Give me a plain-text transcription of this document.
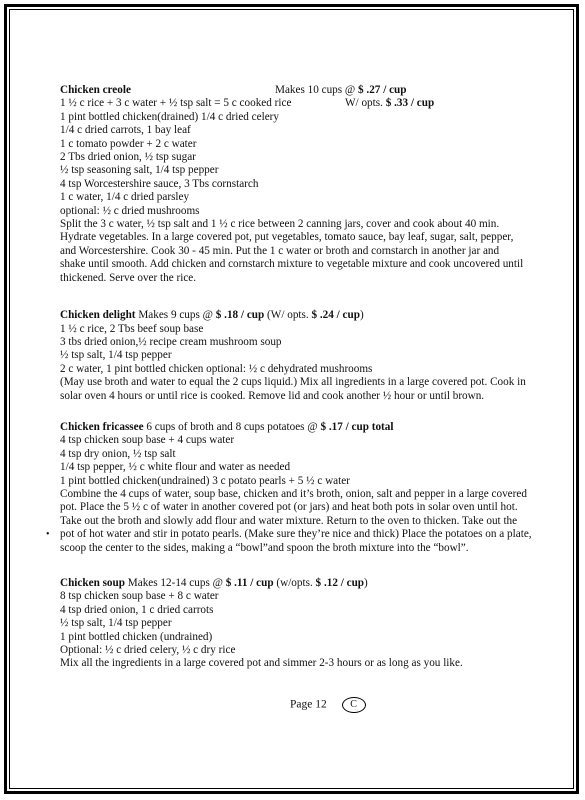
Chicken creole	Makes 10 cups @ $ .27 / cup
1 ½ c rice + 3 c water + ½ tsp salt = 5 c cooked rice	W/ opts. $ .33 / cup
1 pint bottled chicken(drained) 1/4 c dried celery
1/4 c dried carrots, 1 bay leaf
1 c tomato powder + 2 c water
2 Tbs dried onion, ½ tsp sugar
½ tsp seasoning salt, 1/4 tsp pepper
4 tsp Worcestershire sauce, 3 Tbs cornstarch
1 c water, 1/4 c dried parsley
optional: ½ c dried mushrooms
Split the 3 c water, ½ tsp salt and 1 ½ c rice between 2 canning jars, cover and cook about 40 min.
Hydrate vegetables. In a large covered pot, put vegetables, tomato sauce, bay leaf, sugar, salt, pepper,
and Worcestershire. Cook 30 - 45 min. Put the 1 c water or broth and cornstarch in another jar and
shake until smooth. Add chicken and cornstarch mixture to vegetable mixture and cook uncovered until
thickened. Serve over the rice.
Chicken delight Makes 9 cups @ $ .18 / cup (W/ opts. $ .24 / cup)
1 ½ c rice, 2 Tbs beef soup base
3 tbs dried onion,½ recipe cream mushroom soup
½ tsp salt, 1/4 tsp pepper
2 c water, 1 pint bottled chicken optional: ½ c dehydrated mushrooms
(May use broth and water to equal the 2 cups liquid.) Mix all ingredients in a large covered pot. Cook in
solar oven 4 hours or until rice is cooked. Remove lid and cook another ½ hour or until brown.
Chicken fricassee 6 cups of broth and 8 cups potatoes @ $ .17 / cup total
4 tsp chicken soup base + 4 cups water
4 tsp dry onion, ½ tsp salt
1/4 tsp pepper, ½ c white flour and water as needed
1 pint bottled chicken(undrained) 3 c potato pearls + 5 ½ c water
Combine the 4 cups of water, soup base, chicken and it’s broth, onion, salt and pepper in a large covered
pot. Place the 5 ½ c of water in another covered pot (or jars) and heat both pots in solar oven until hot.
Take out the broth and slowly add flour and water mixture. Return to the oven to thicken. Take out the
pot of hot water and stir in potato pearls. (Make sure they’re nice and thick) Place the potatoes on a plate,
scoop the center to the sides, making a “bowl”and spoon the broth mixture into the “bowl”.
Chicken soup Makes 12-14 cups @ $ .11 / cup (w/opts. $ .12 / cup)
8 tsp chicken soup base + 8 c water
4 tsp dried onion, 1 c dried carrots
½ tsp salt, 1/4 tsp pepper
1 pint bottled chicken (undrained)
Optional: ½ c dried celery, ½ c dry rice
Mix all the ingredients in a large covered pot and simmer 2-3 hours or as long as you like.
•
Page 12 C
